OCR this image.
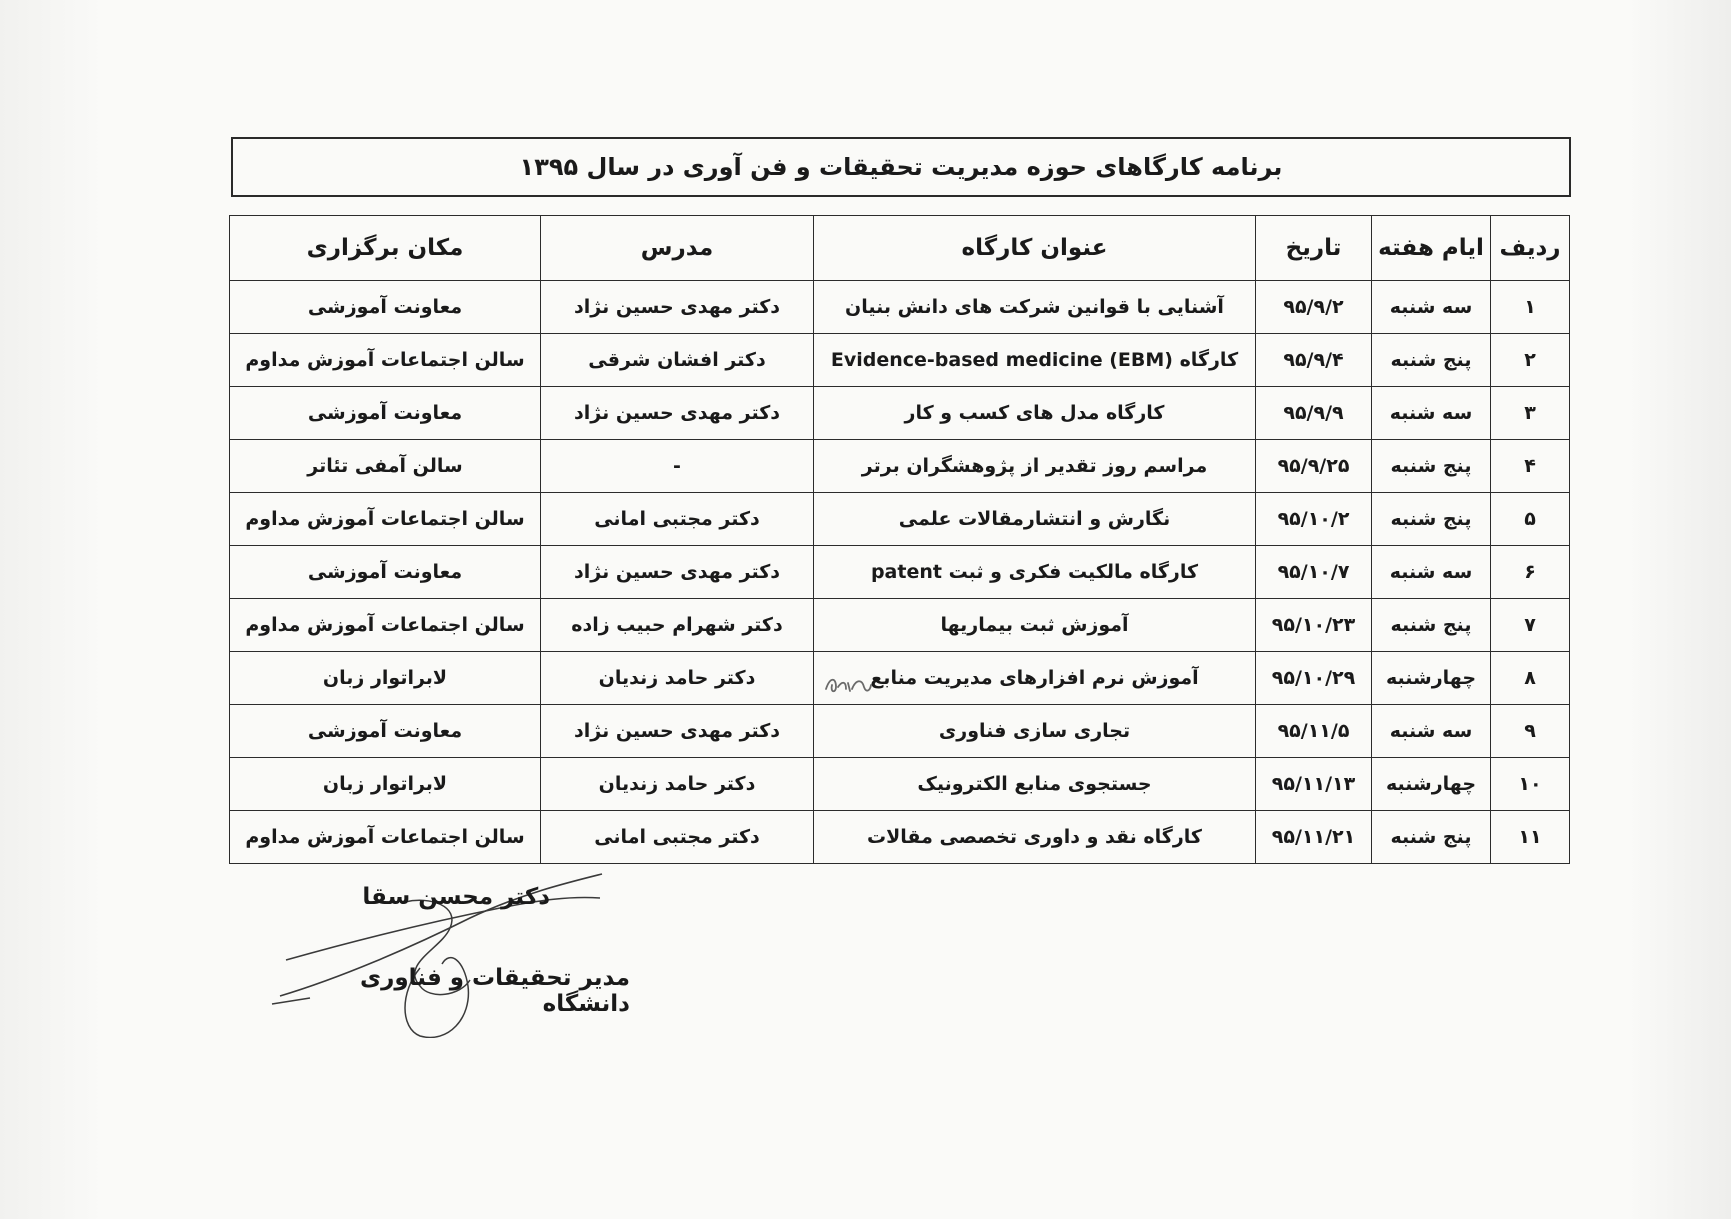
برنامه کارگاهای حوزه مدیریت تحقیقات و فن آوری در سال ۱۳۹۵
ردیف	ایام هفته	تاریخ	عنوان کارگاه	مدرس	مکان برگزاری
۱	سه شنبه	۹۵/۹/۲	آشنایی با قوانین شرکت های دانش بنیان	دکتر مهدی حسین نژاد	معاونت آموزشی
۲	پنج شنبه	۹۵/۹/۴	کارگاه (Evidence-based medicine (EBM	دکتر افشان شرقی	سالن اجتماعات آموزش مداوم
۳	سه شنبه	۹۵/۹/۹	کارگاه مدل های کسب و کار	دکتر مهدی حسین نژاد	معاونت آموزشی
۴	پنج شنبه	۹۵/۹/۲۵	مراسم روز تقدیر از پژوهشگران برتر	-	سالن آمفی تئاتر
۵	پنج شنبه	۹۵/۱۰/۲	نگارش و انتشارمقالات علمی	دکتر مجتبی امانی	سالن اجتماعات آموزش مداوم
۶	سه شنبه	۹۵/۱۰/۷	کارگاه مالکیت فکری و ثبت patent	دکتر مهدی حسین نژاد	معاونت آموزشی
۷	پنج شنبه	۹۵/۱۰/۲۳	آموزش ثبت بیماریها	دکتر شهرام حبیب زاده	سالن اجتماعات آموزش مداوم
۸	چهارشنبه	۹۵/۱۰/۲۹	آموزش نرم افزارهای مدیریت منابع	دکتر حامد زندیان	لابراتوار زبان
۹	سه شنبه	۹۵/۱۱/۵	تجاری سازی فناوری	دکتر مهدی حسین نژاد	معاونت آموزشی
۱۰	چهارشنبه	۹۵/۱۱/۱۳	جستجوی منابع الکترونیک	دکتر حامد زندیان	لابراتوار زبان
۱۱	پنج شنبه	۹۵/۱۱/۲۱	کارگاه نقد و داوری تخصصی مقالات	دکتر مجتبی امانی	سالن اجتماعات آموزش مداوم
دکتر محسن سقا
مدیر تحقیقات و فناوری دانشگاه
